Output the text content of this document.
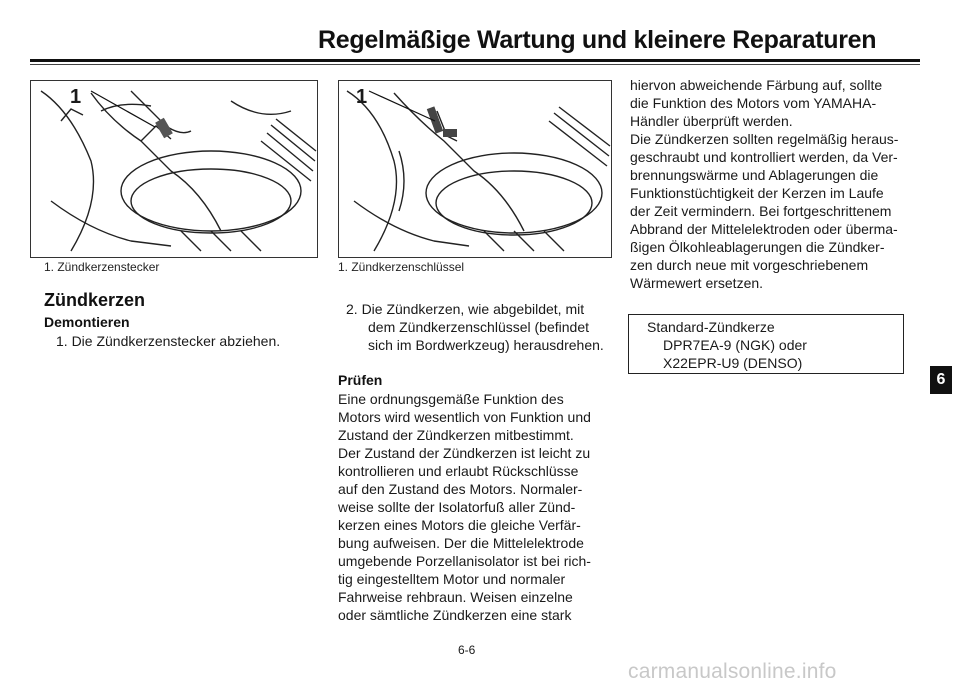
Regelmäßige Wartung und kleinere Reparaturen
1
1. Zündkerzenstecker
1
1. Zündkerzenschlüssel
Zündkerzen
Demontieren
1. Die Zündkerzenstecker abziehen.
2. Die Zündkerzen, wie abgebildet, mit
dem Zündkerzenschlüssel (befindet
sich im Bordwerkzeug) herausdrehen.
Prüfen
Eine ordnungsgemäße Funktion des
Motors wird wesentlich von Funktion und
Zustand der Zündkerzen mitbestimmt.
Der Zustand der Zündkerzen ist leicht zu
kontrollieren und erlaubt Rückschlüsse
auf den Zustand des Motors. Normaler-
weise sollte der Isolatorfuß aller Zünd-
kerzen eines Motors die gleiche Verfär-
bung aufweisen. Der die Mittelelektrode
umgebende Porzellanisolator ist bei rich-
tig eingestelltem Motor und normaler
Fahrweise rehbraun. Weisen einzelne
oder sämtliche Zündkerzen eine stark
hiervon abweichende Färbung auf, sollte
die Funktion des Motors vom YAMAHA-
Händler überprüft werden.
Die Zündkerzen sollten regelmäßig heraus-
geschraubt und kontrolliert werden, da Ver-
brennungswärme und Ablagerungen die
Funktionstüchtigkeit der Kerzen im Laufe
der Zeit vermindern. Bei fortgeschrittenem
Abbrand der Mittelelektroden oder überma-
ßigen Ölkohleablagerungen die Zündker-
zen durch neue mit vorgeschriebenem
Wärmewert ersetzen.
Standard-Zündkerze
DPR7EA-9 (NGK) oder
X22EPR-U9 (DENSO)
6
6-6
carmanualsonline.info
